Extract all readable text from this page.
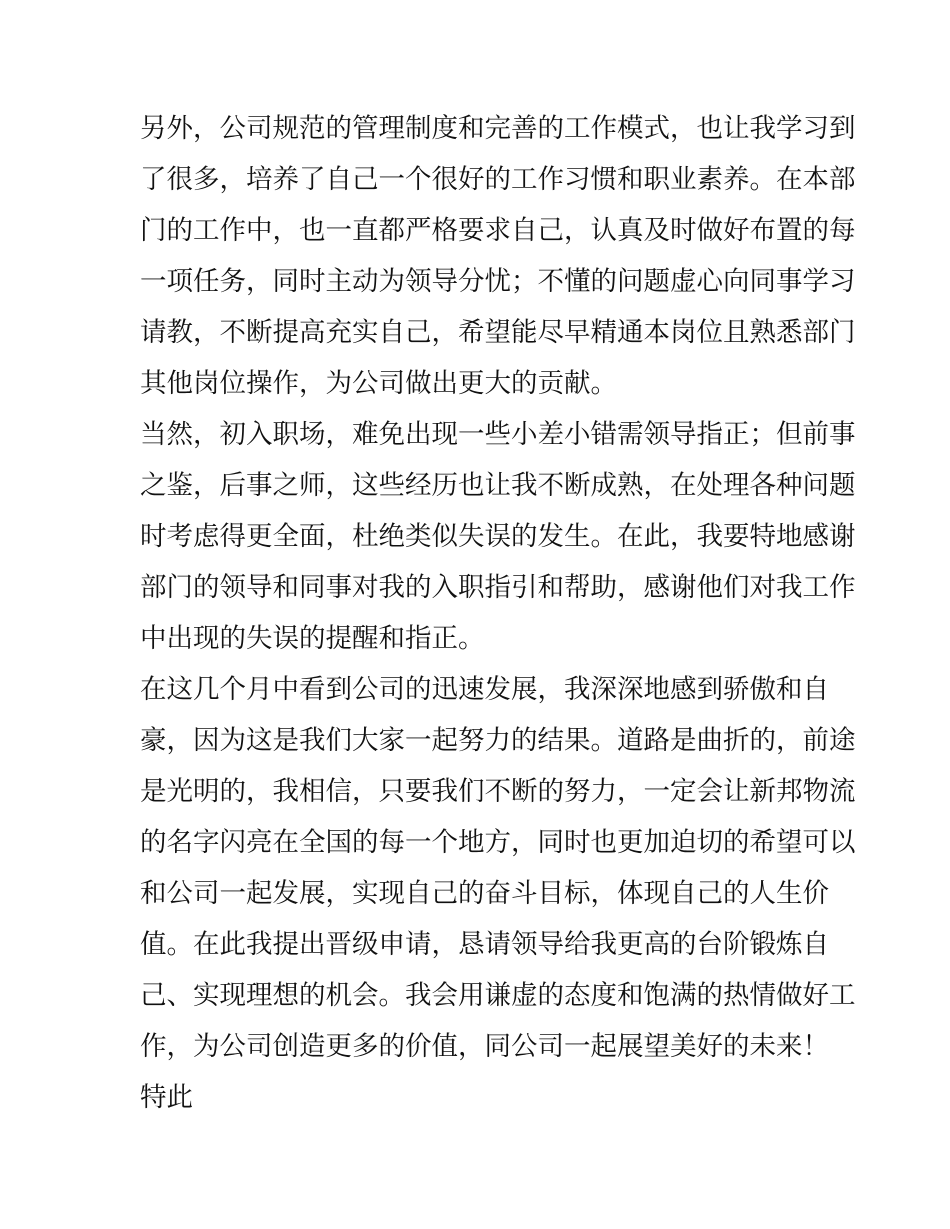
另外，公司规范的管理制度和完善的工作模式，也让我学习到
了很多，培养了自己一个很好的工作习惯和职业素养。在本部
门的工作中，也一直都严格要求自己，认真及时做好布置的每
一项任务，同时主动为领导分忧；不懂的问题虚心向同事学习
请教，不断提高充实自己，希望能尽早精通本岗位且熟悉部门
其他岗位操作，为公司做出更大的贡献。
当然，初入职场，难免出现一些小差小错需领导指正；但前事
之鉴，后事之师，这些经历也让我不断成熟，在处理各种问题
时考虑得更全面，杜绝类似失误的发生。在此，我要特地感谢
部门的领导和同事对我的入职指引和帮助，感谢他们对我工作
中出现的失误的提醒和指正。
在这几个月中看到公司的迅速发展，我深深地感到骄傲和自
豪，因为这是我们大家一起努力的结果。道路是曲折的，前途
是光明的，我相信，只要我们不断的努力，一定会让新邦物流
的名字闪亮在全国的每一个地方，同时也更加迫切的希望可以
和公司一起发展，实现自己的奋斗目标，体现自己的人生价
值。在此我提出晋级申请，恳请领导给我更高的台阶锻炼自
己、实现理想的机会。我会用谦虚的态度和饱满的热情做好工
作，为公司创造更多的价值，同公司一起展望美好的未来！
特此
